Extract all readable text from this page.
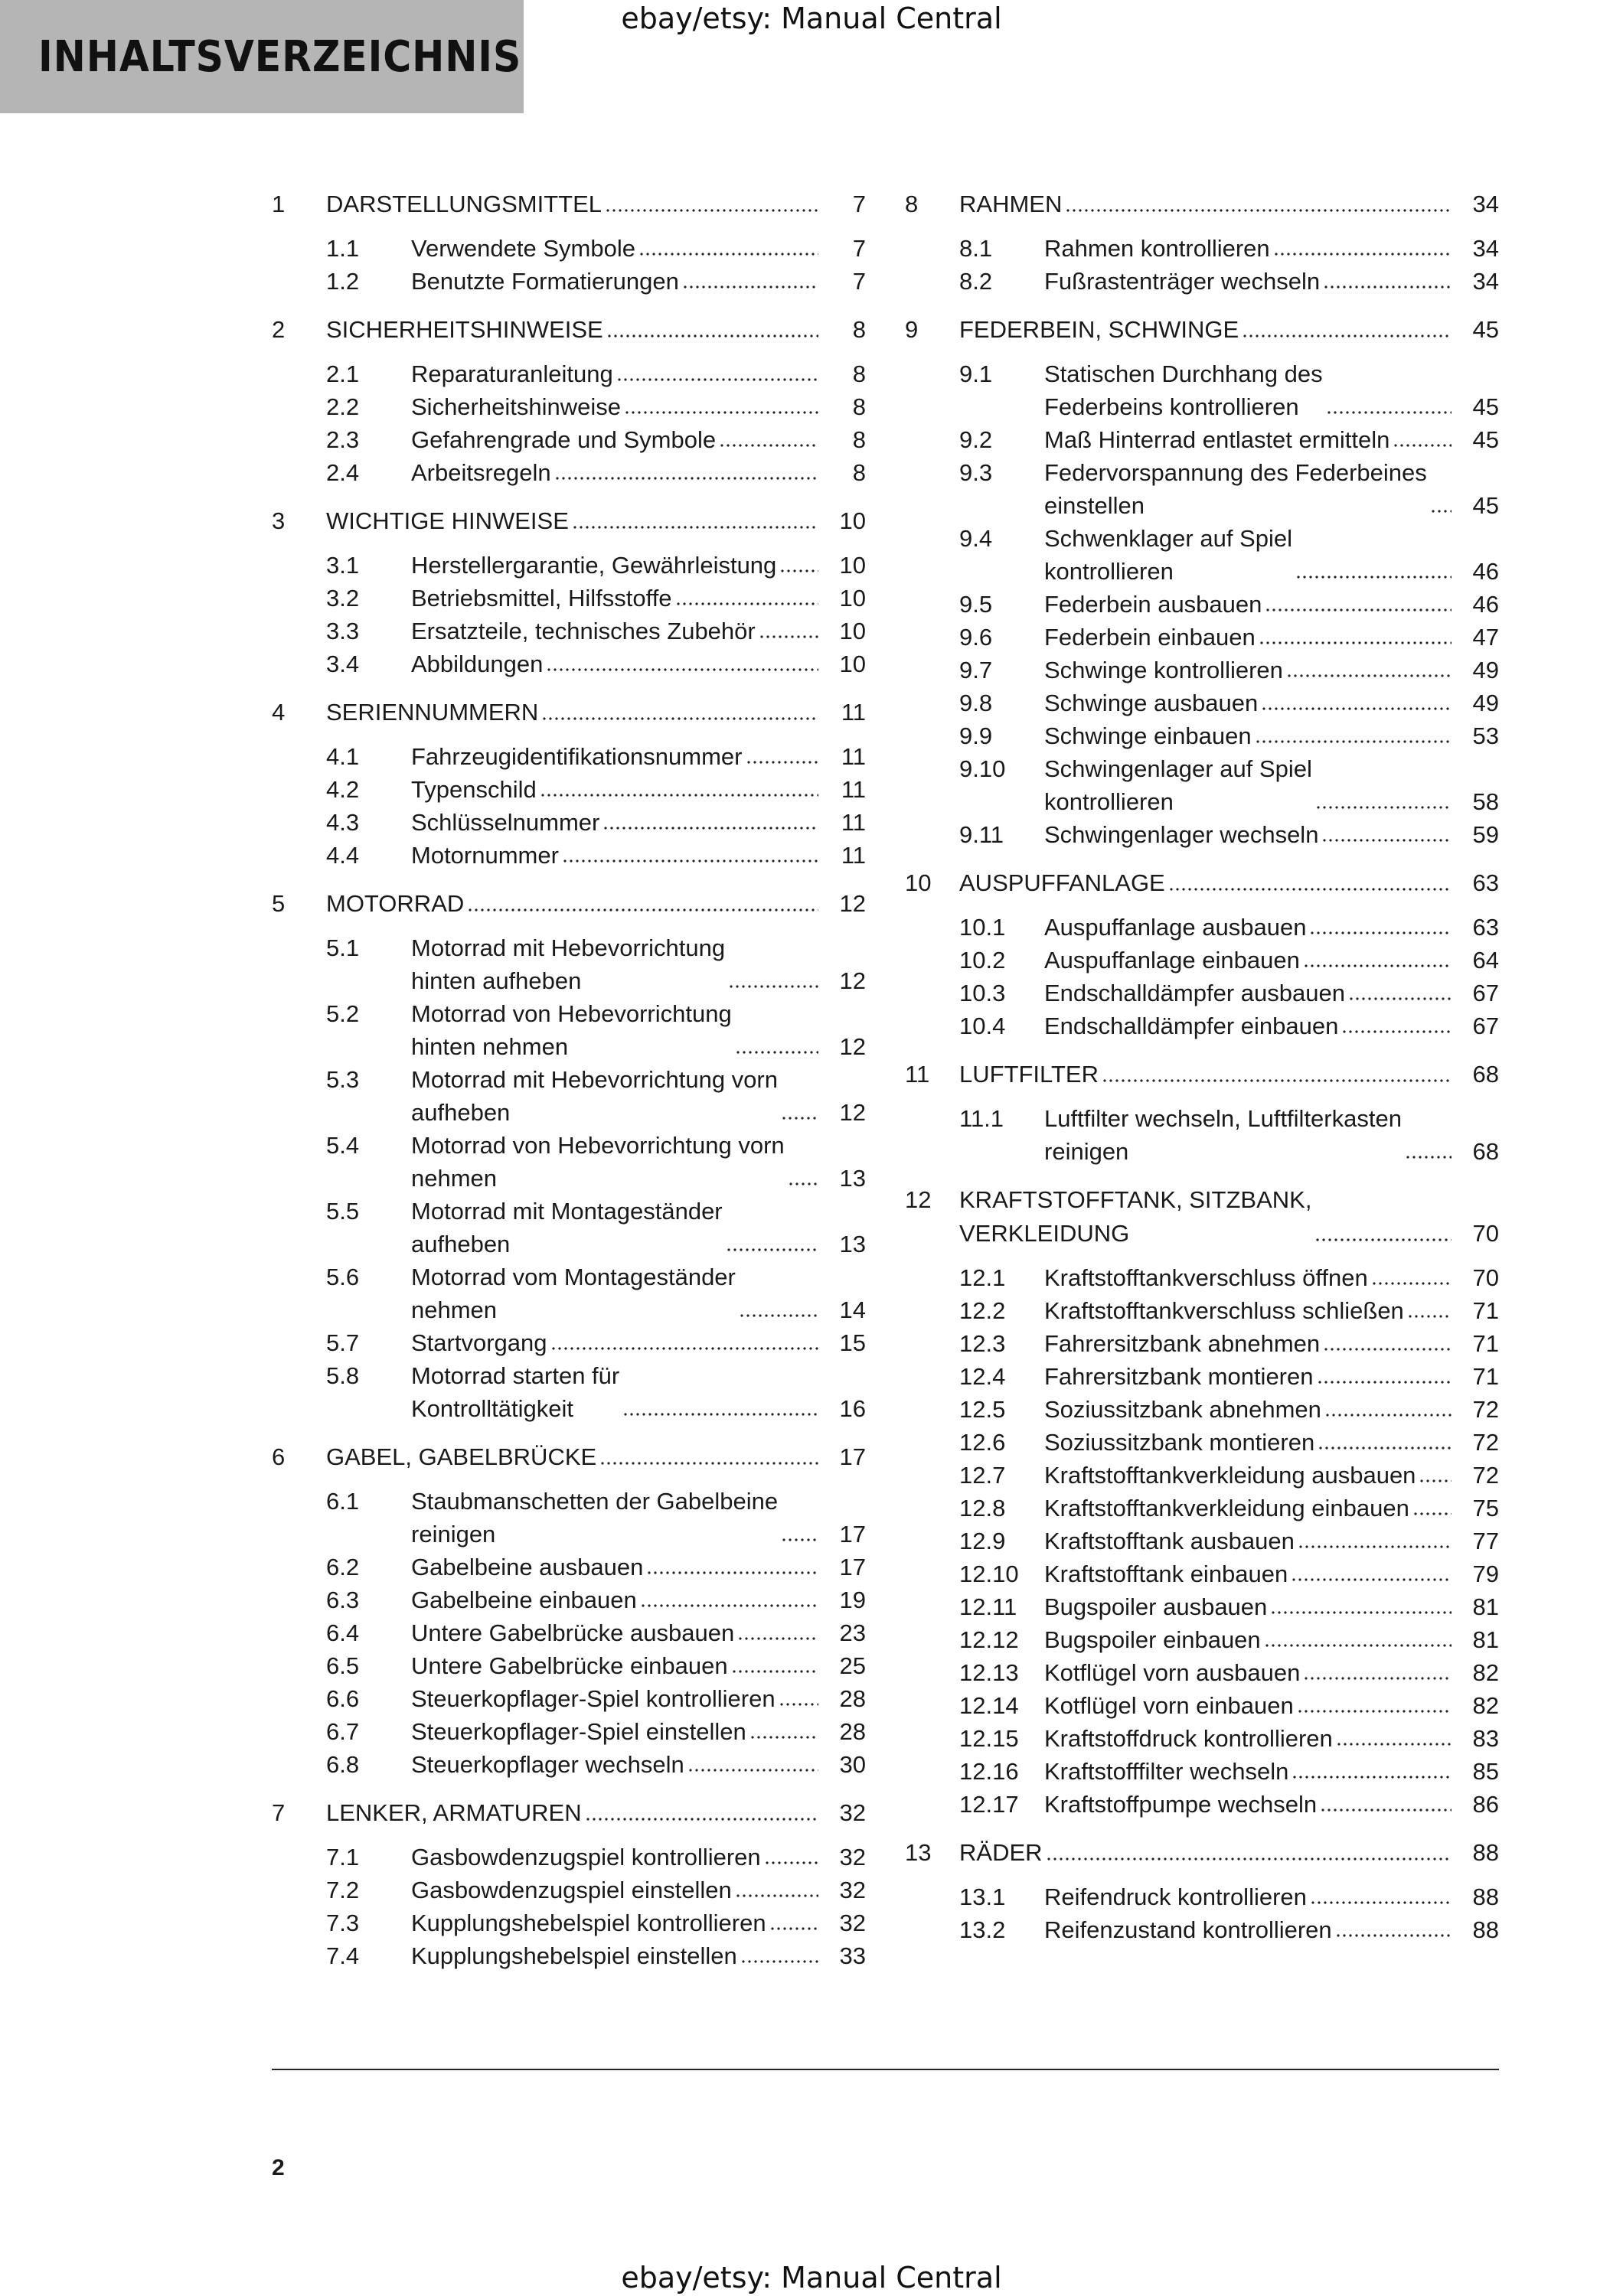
INHALTSVERZEICHNIS
ebay/etsy: Manual Central
1	DARSTELLUNGSMITTEL	7
1.1	Verwendete Symbole	7
1.2	Benutzte Formatierungen	7
2	SICHERHEITSHINWEISE	8
2.1	Reparaturanleitung	8
2.2	Sicherheitshinweise	8
2.3	Gefahrengrade und Symbole	8
2.4	Arbeitsregeln	8
3	WICHTIGE HINWEISE	10
3.1	Herstellergarantie, Gewährleistung	10
3.2	Betriebsmittel, Hilfsstoffe	10
3.3	Ersatzteile, technisches Zubehör	10
3.4	Abbildungen	10
4	SERIENNUMMERN	11
4.1	Fahrzeugidentifikationsnummer	11
4.2	Typenschild	11
4.3	Schlüsselnummer	11
4.4	Motornummer	11
5	MOTORRAD	12
5.1	Motorrad mit Hebevorrichtung
hinten aufheben	12
5.2	Motorrad von Hebevorrichtung
hinten nehmen	12
5.3	Motorrad mit Hebevorrichtung vorn
aufheben	12
5.4	Motorrad von Hebevorrichtung vorn
nehmen	13
5.5	Motorrad mit Montageständer
aufheben	13
5.6	Motorrad vom Montageständer
nehmen	14
5.7	Startvorgang	15
5.8	Motorrad starten für
Kontrolltätigkeit	16
6	GABEL, GABELBRÜCKE	17
6.1	Staubmanschetten der Gabelbeine
reinigen	17
6.2	Gabelbeine ausbauen	17
6.3	Gabelbeine einbauen	19
6.4	Untere Gabelbrücke ausbauen	23
6.5	Untere Gabelbrücke einbauen	25
6.6	Steuerkopflager-Spiel kontrollieren	28
6.7	Steuerkopflager-Spiel einstellen	28
6.8	Steuerkopflager wechseln	30
7	LENKER, ARMATUREN	32
7.1	Gasbowdenzugspiel kontrollieren	32
7.2	Gasbowdenzugspiel einstellen	32
7.3	Kupplungshebelspiel kontrollieren	32
7.4	Kupplungshebelspiel einstellen	33
8	RAHMEN	34
8.1	Rahmen kontrollieren	34
8.2	Fußrastenträger wechseln	34
9	FEDERBEIN, SCHWINGE	45
9.1	Statischen Durchhang des
Federbeins kontrollieren	45
9.2	Maß Hinterrad entlastet ermitteln	45
9.3	Federvorspannung des Federbeines
einstellen	45
9.4	Schwenklager auf Spiel
kontrollieren	46
9.5	Federbein ausbauen	46
9.6	Federbein einbauen	47
9.7	Schwinge kontrollieren	49
9.8	Schwinge ausbauen	49
9.9	Schwinge einbauen	53
9.10	Schwingenlager auf Spiel
kontrollieren	58
9.11	Schwingenlager wechseln	59
10	AUSPUFFANLAGE	63
10.1	Auspuffanlage ausbauen	63
10.2	Auspuffanlage einbauen	64
10.3	Endschalldämpfer ausbauen	67
10.4	Endschalldämpfer einbauen	67
11	LUFTFILTER	68
11.1	Luftfilter wechseln, Luftfilterkasten
reinigen	68
12	KRAFTSTOFFTANK, SITZBANK,
VERKLEIDUNG	70
12.1	Kraftstofftankverschluss öffnen	70
12.2	Kraftstofftankverschluss schließen	71
12.3	Fahrersitzbank abnehmen	71
12.4	Fahrersitzbank montieren	71
12.5	Soziussitzbank abnehmen	72
12.6	Soziussitzbank montieren	72
12.7	Kraftstofftankverkleidung ausbauen	72
12.8	Kraftstofftankverkleidung einbauen	75
12.9	Kraftstofftank ausbauen	77
12.10	Kraftstofftank einbauen	79
12.11	Bugspoiler ausbauen	81
12.12	Bugspoiler einbauen	81
12.13	Kotflügel vorn ausbauen	82
12.14	Kotflügel vorn einbauen	82
12.15	Kraftstoffdruck kontrollieren	83
12.16	Kraftstofffilter wechseln	85
12.17	Kraftstoffpumpe wechseln	86
13	RÄDER	88
13.1	Reifendruck kontrollieren	88
13.2	Reifenzustand kontrollieren	88
2
ebay/etsy: Manual Central
